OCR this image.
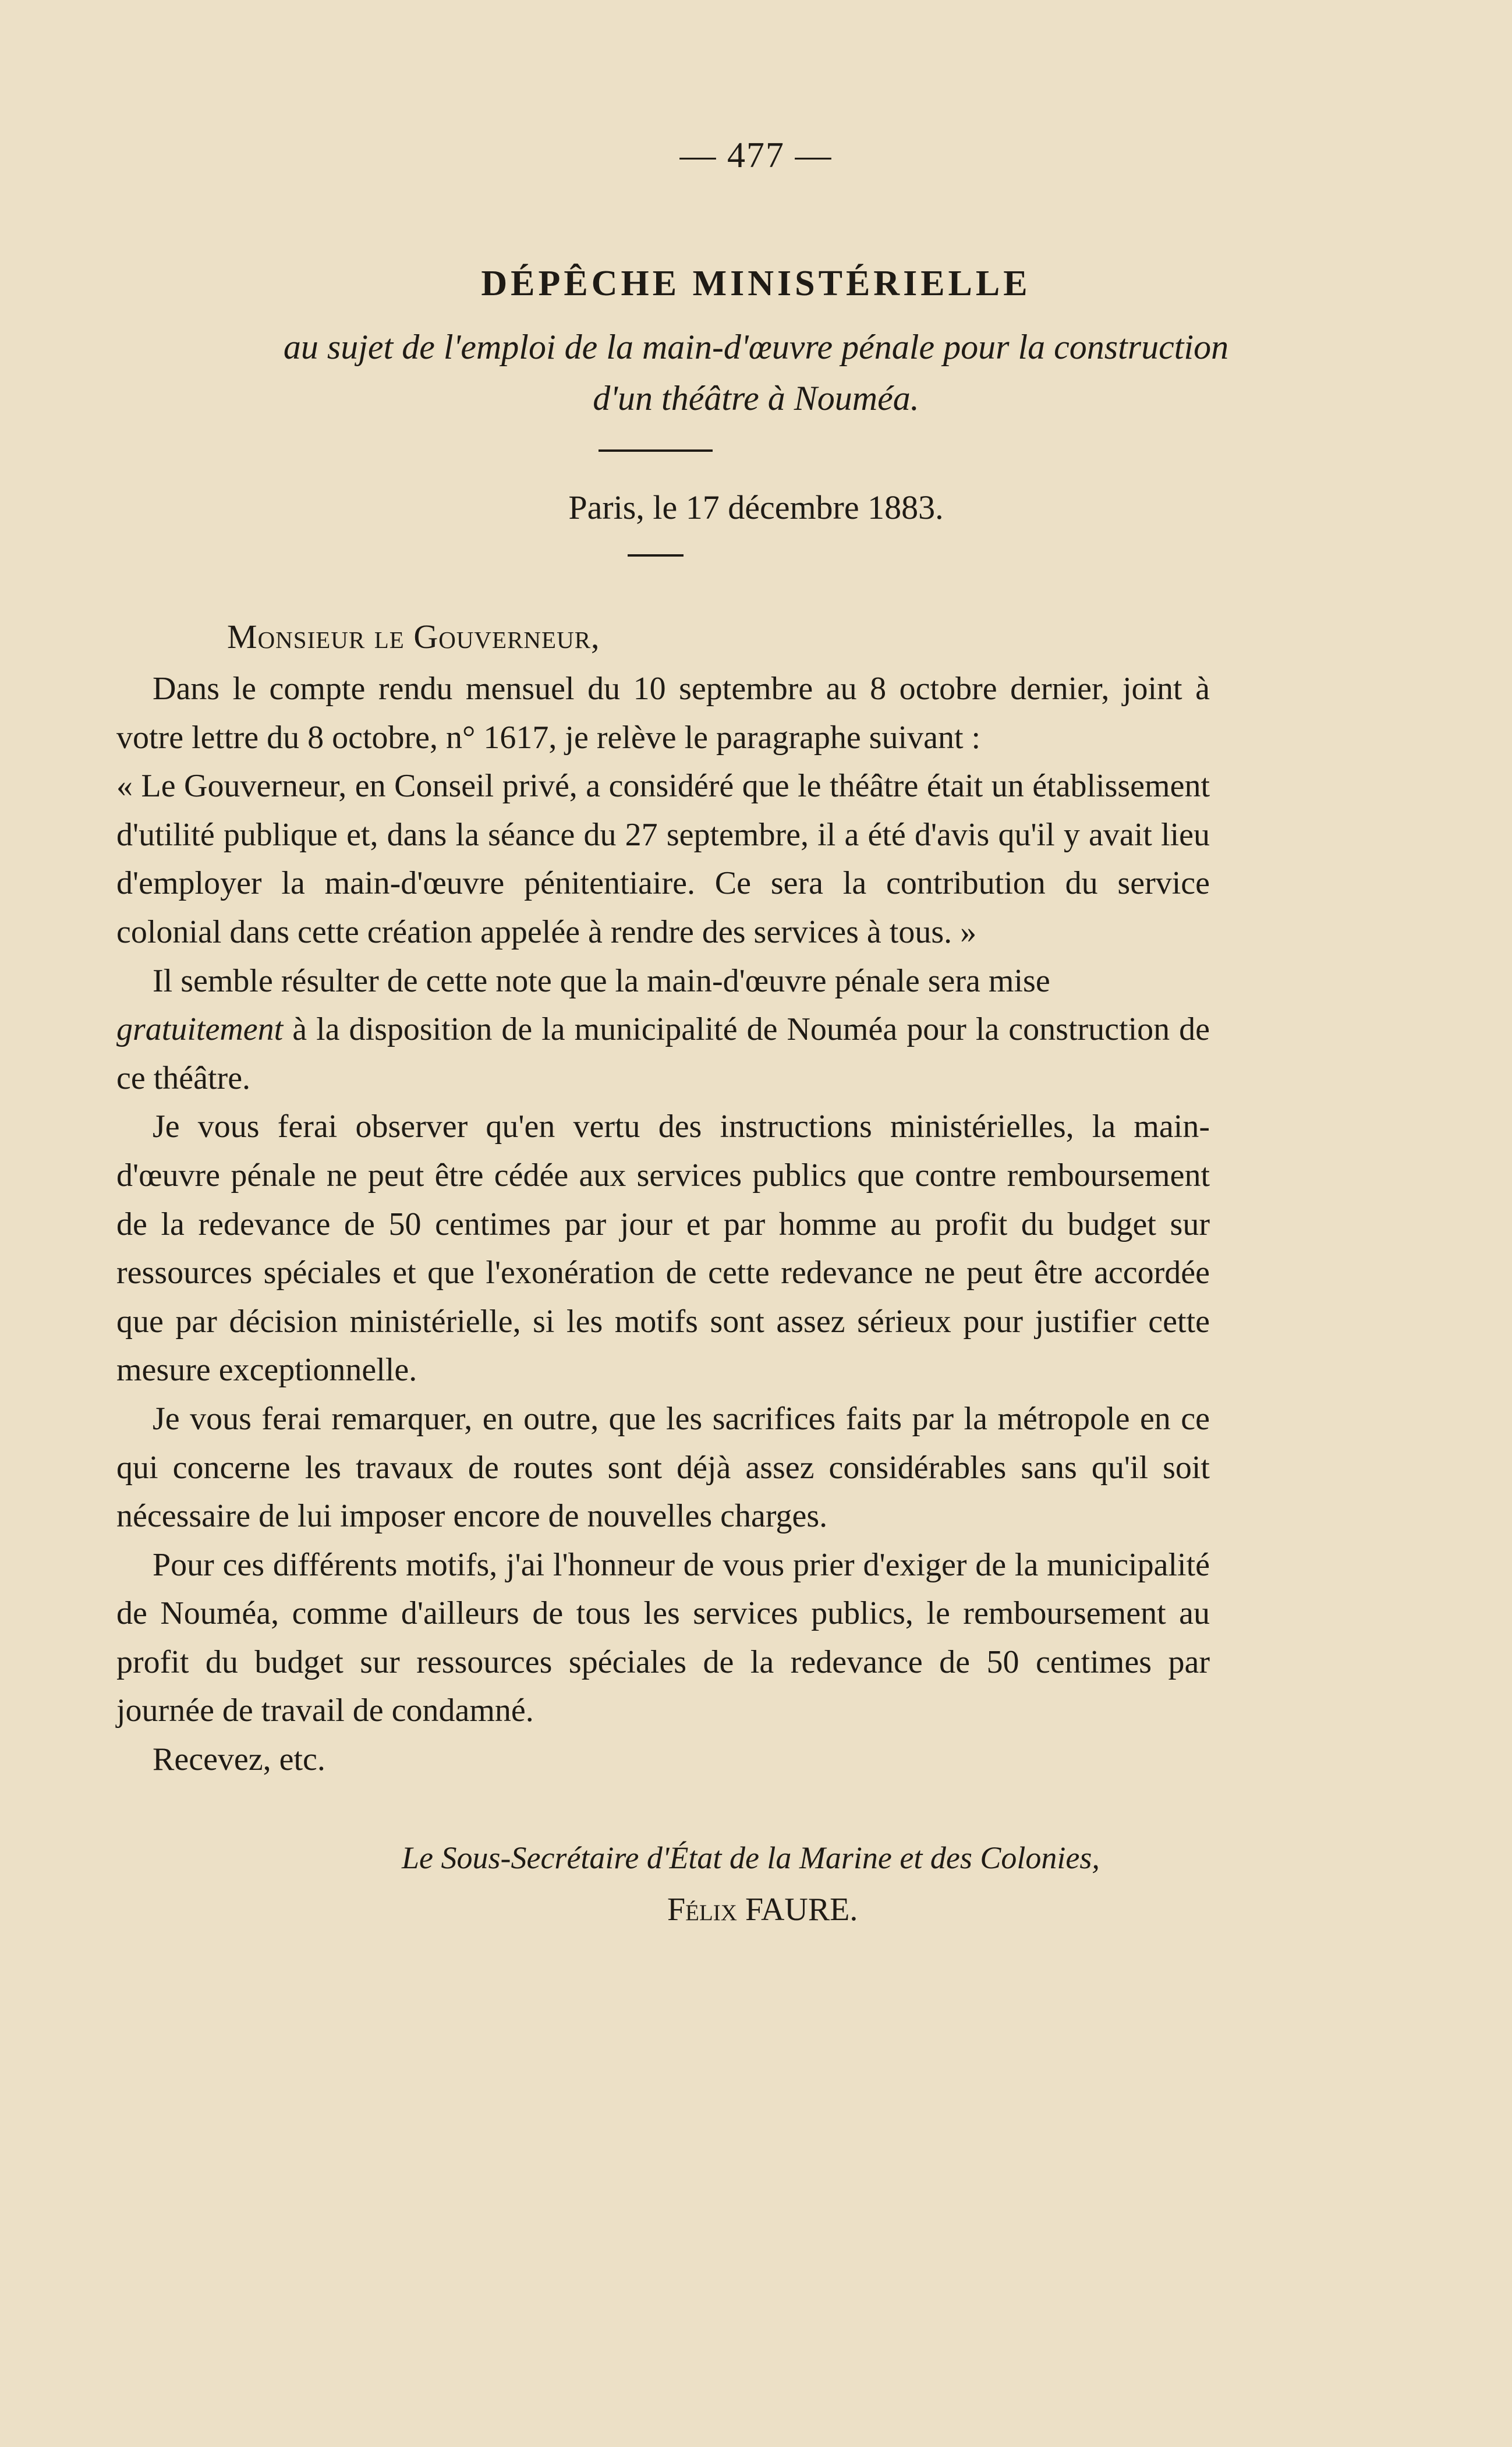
— 477 —
DÉPÊCHE MINISTÉRIELLE
au sujet de l'emploi de la main-d'œuvre pénale pour la construction
d'un théâtre à Nouméa.
Paris, le 17 décembre 1883.
Monsieur le Gouverneur,

Dans le compte rendu mensuel du 10 septembre au 8 octobre dernier, joint à votre lettre du 8 octobre, n° 1617, je relève le paragraphe suivant :

« Le Gouverneur, en Conseil privé, a considéré que le théâtre était un établissement d'utilité publique et, dans la séance du 27 septembre, il a été d'avis qu'il y avait lieu d'employer la main-d'œuvre pénitentiaire. Ce sera la contribution du service colonial dans cette création appelée à rendre des services à tous. »

Il semble résulter de cette note que la main-d'œuvre pénale sera mise
gratuitement à la disposition de la municipalité de Nouméa pour la construction de ce théâtre.

Je vous ferai observer qu'en vertu des instructions ministérielles, la main-d'œuvre pénale ne peut être cédée aux services publics que contre remboursement de la redevance de 50 centimes par jour et par homme au profit du budget sur ressources spéciales et que l'exonération de cette redevance ne peut être accordée que par décision ministérielle, si les motifs sont assez sérieux pour justifier cette mesure exceptionnelle.

Je vous ferai remarquer, en outre, que les sacrifices faits par la métropole en ce qui concerne les travaux de routes sont déjà assez considérables sans qu'il soit nécessaire de lui imposer encore de nouvelles charges.

Pour ces différents motifs, j'ai l'honneur de vous prier d'exiger de la municipalité de Nouméa, comme d'ailleurs de tous les services publics, le remboursement au profit du budget sur ressources spéciales de la redevance de 50 centimes par journée de travail de condamné.

Recevez, etc.

Le Sous-Secrétaire d'État de la Marine et des Colonies,
Félix FAURE.
